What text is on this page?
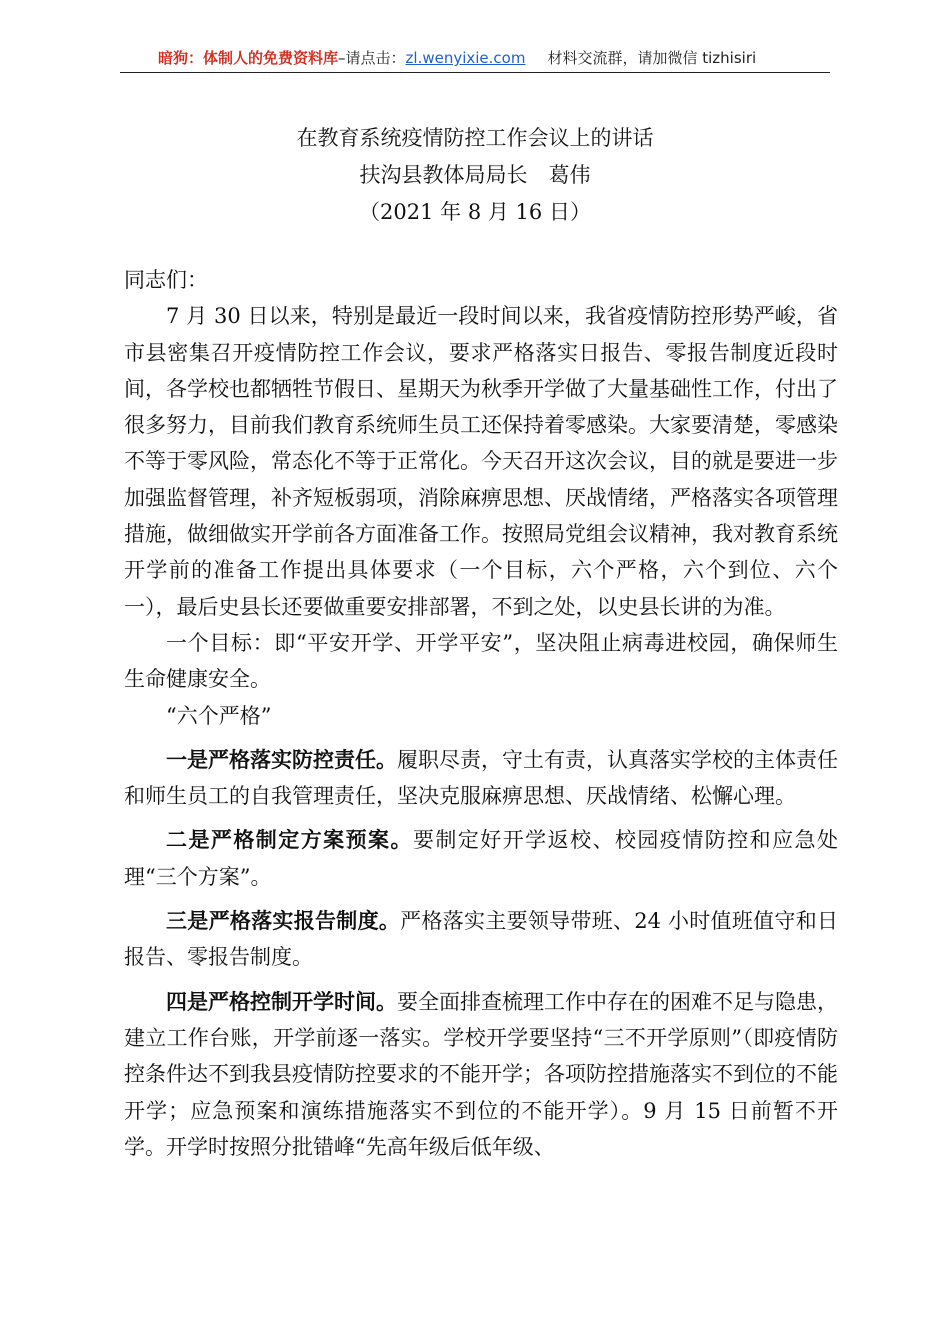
暗狗：体制人的免费资料库–请点击：zl.wenyixie.com 材料交流群，请加微信 tizhisiri
在教育系统疫情防控工作会议上的讲话
扶沟县教体局局长　葛伟
（2021 年 8 月 16 日）

同志们：

7 月 30 日以来，特别是最近一段时间以来，我省疫情防控形势严峻，省市县密集召开疫情防控工作会议，要求严格落实日报告、零报告制度近段时间，各学校也都牺牲节假日、星期天为秋季开学做了大量基础性工作，付出了很多努力，目前我们教育系统师生员工还保持着零感染。大家要清楚，零感染不等于零风险，常态化不等于正常化。今天召开这次会议，目的就是要进一步加强监督管理，补齐短板弱项，消除麻痹思想、厌战情绪，严格落实各项管理措施，做细做实开学前各方面准备工作。按照局党组会议精神，我对教育系统开学前的准备工作提出具体要求（一个目标，六个严格，六个到位、六个一），最后史县长还要做重要安排部署，不到之处，以史县长讲的为准。

一个目标：即“平安开学、开学平安”，坚决阻止病毒进校园，确保师生生命健康安全。

“六个严格”

一是严格落实防控责任。履职尽责，守土有责，认真落实学校的主体责任和师生员工的自我管理责任，坚决克服麻痹思想、厌战情绪、松懈心理。

二是严格制定方案预案。要制定好开学返校、校园疫情防控和应急处理“三个方案”。

三是严格落实报告制度。严格落实主要领导带班、24 小时值班值守和日报告、零报告制度。

四是严格控制开学时间。要全面排查梳理工作中存在的困难不足与隐患，建立工作台账，开学前逐一落实。学校开学要坚持“三不开学原则”（即疫情防控条件达不到我县疫情防控要求的不能开学；各项防控措施落实不到位的不能开学；应急预案和演练措施落实不到位的不能开学）。9 月 15 日前暂不开学。开学时按照分批错峰“先高年级后低年级、
